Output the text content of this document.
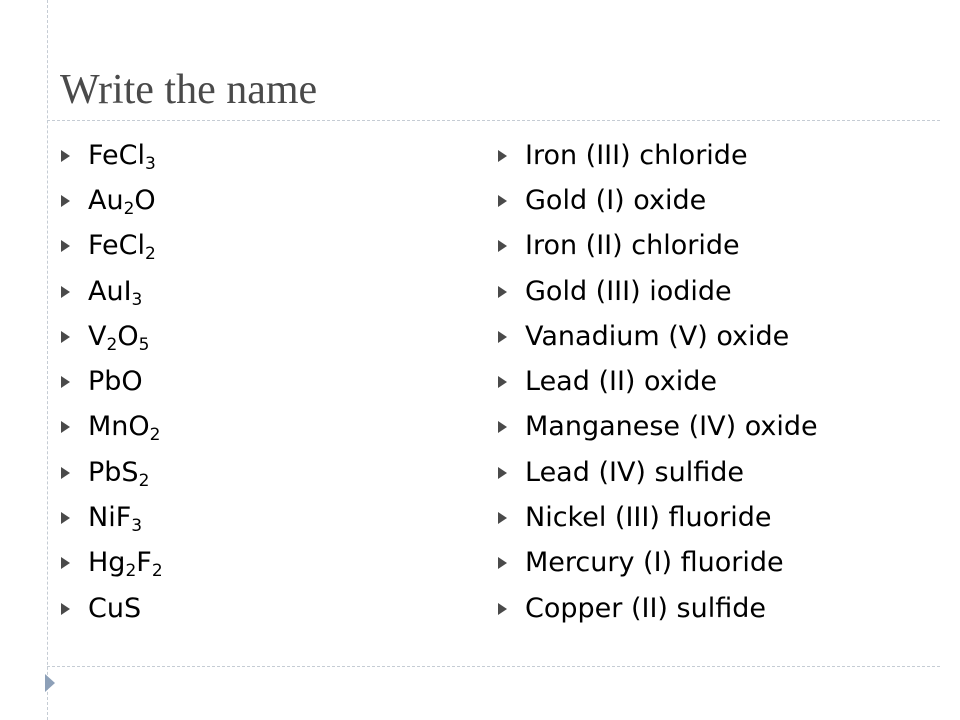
Write the name
FeCl$_3$
$Au_2O$
FeCl$_2$
AuI$_3$
$V_2O_5$
PbO
MnO$_2$
PbS$_2$
NiF$_3$
$Hg_2F_2$
CuS
Iron (III) chloride
Gold (I) oxide
Iron (II) chloride
Gold (III) iodide
Vanadium (V) oxide
Lead (II) oxide
Manganese (IV) oxide
Lead (IV) sulfide
Nickel (III) fluoride
Mercury (I) fluoride
Copper (II) sulfide
